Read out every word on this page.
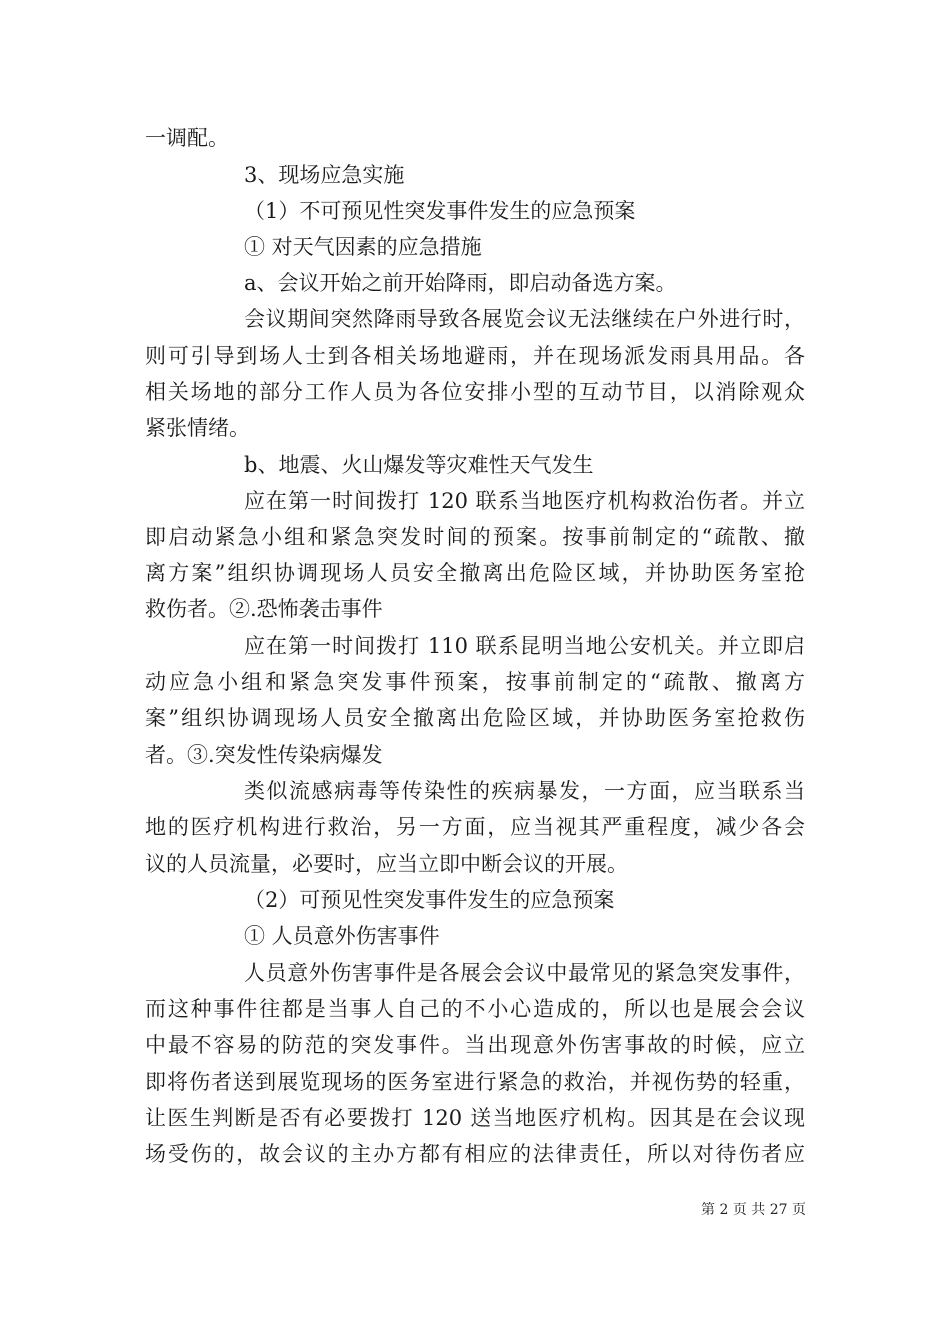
一调配。
3、现场应急实施
（1）不可预见性突发事件发生的应急预案
① 对天气因素的应急措施
a、会议开始之前开始降雨，即启动备选方案。
会议期间突然降雨导致各展览会议无法继续在户外进行时，
则可引导到场人士到各相关场地避雨，并在现场派发雨具用品。各
相关场地的部分工作人员为各位安排小型的互动节目，以消除观众
紧张情绪。
b、地震、火山爆发等灾难性天气发生
应在第一时间拨打 120 联系当地医疗机构救治伤者。并立
即启动紧急小组和紧急突发时间的预案。按事前制定的“疏散、撤
离方案”组织协调现场人员安全撤离出危险区域，并协助医务室抢
救伤者。②.恐怖袭击事件
应在第一时间拨打 110 联系昆明当地公安机关。并立即启
动应急小组和紧急突发事件预案，按事前制定的“疏散、撤离方
案”组织协调现场人员安全撤离出危险区域，并协助医务室抢救伤
者。③.突发性传染病爆发
类似流感病毒等传染性的疾病暴发，一方面，应当联系当
地的医疗机构进行救治，另一方面，应当视其严重程度，减少各会
议的人员流量，必要时，应当立即中断会议的开展。
（2）可预见性突发事件发生的应急预案
① 人员意外伤害事件
人员意外伤害事件是各展会会议中最常见的紧急突发事件，
而这种事件往都是当事人自己的不小心造成的，所以也是展会会议
中最不容易的防范的突发事件。当出现意外伤害事故的时候，应立
即将伤者送到展览现场的医务室进行紧急的救治，并视伤势的轻重，
让医生判断是否有必要拨打 120 送当地医疗机构。因其是在会议现
场受伤的，故会议的主办方都有相应的法律责任，所以对待伤者应
第 2 页 共 27 页
